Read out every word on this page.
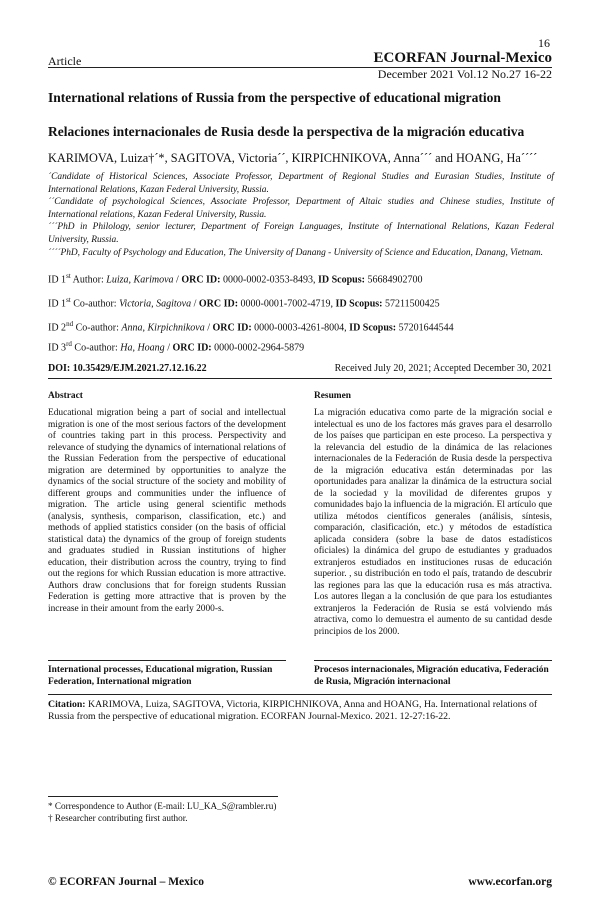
16
Article	ECORFAN Journal-Mexico
December 2021 Vol.12 No.27 16-22
International relations of Russia from the perspective of educational migration
Relaciones internacionales de Rusia desde la perspectiva de la migración educativa
KARIMOVA, Luiza†´*, SAGITOVA, Victoria´´, KIRPICHNIKOVA, Anna´´´ and HOANG, Ha´´´´

´Candidate of Historical Sciences, Associate Professor, Department of Regional Studies and Eurasian Studies, Institute of International Relations, Kazan Federal University, Russia.

´´Candidate of psychological Sciences, Associate Professor, Department of Altaic studies and Chinese studies, Institute of International relations, Kazan Federal University, Russia.

´´´PhD in Philology, senior lecturer, Department of Foreign Languages, Institute of International Relations, Kazan Federal University, Russia.

´´´´PhD, Faculty of Psychology and Education, The University of Danang - University of Science and Education, Danang, Vietnam.

ID 1st Author: Luiza, Karimova / ORC ID: 0000-0002-0353-8493, ID Scopus: 56684902700
ID 1st Co-author: Victoria, Sagitova / ORC ID: 0000-0001-7002-4719, ID Scopus: 57211500425
ID 2nd Co-author: Anna, Kirpichnikova / ORC ID: 0000-0003-4261-8004, ID Scopus: 57201644544
ID 3rd Co-author: Ha, Hoang / ORC ID: 0000-0002-2964-5879
DOI: 10.35429/EJM.2021.27.12.16.22	Received July 20, 2021; Accepted December 30, 2021
Abstract
Educational migration being a part of social and intellectual migration is one of the most serious factors of the development of countries taking part in this process. Perspectivity and relevance of studying the dynamics of international relations of the Russian Federation from the perspective of educational migration are determined by opportunities to analyze the dynamics of the social structure of the society and mobility of different groups and communities under the influence of migration. The article using general scientific methods (analysis, synthesis, comparison, classification, etc.) and methods of applied statistics consider (on the basis of official statistical data) the dynamics of the group of foreign students and graduates studied in Russian institutions of higher education, their distribution across the country, trying to find out the regions for which Russian education is more attractive. Authors draw conclusions that for foreign students Russian Federation is getting more attractive that is proven by the increase in their amount from the early 2000-s.
Resumen
La migración educativa como parte de la migración social e intelectual es uno de los factores más graves para el desarrollo de los países que participan en este proceso. La perspectiva y la relevancia del estudio de la dinámica de las relaciones internacionales de la Federación de Rusia desde la perspectiva de la migración educativa están determinadas por las oportunidades para analizar la dinámica de la estructura social de la sociedad y la movilidad de diferentes grupos y comunidades bajo la influencia de la migración. El artículo que utiliza métodos científicos generales (análisis, síntesis, comparación, clasificación, etc.) y métodos de estadística aplicada considera (sobre la base de datos estadísticos oficiales) la dinámica del grupo de estudiantes y graduados extranjeros estudiados en instituciones rusas de educación superior. , su distribución en todo el país, tratando de descubrir las regiones para las que la educación rusa es más atractiva. Los autores llegan a la conclusión de que para los estudiantes extranjeros la Federación de Rusia se está volviendo más atractiva, como lo demuestra el aumento de su cantidad desde principios de los 2000.
International processes, Educational migration, Russian Federation, International migration
Procesos internacionales, Migración educativa, Federación de Rusia, Migración internacional
Citation: KARIMOVA, Luiza, SAGITOVA, Victoria, KIRPICHNIKOVA, Anna and HOANG, Ha. International relations of Russia from the perspective of educational migration. ECORFAN Journal-Mexico. 2021. 12-27:16-22.
* Correspondence to Author (E-mail: LU_KA_S@rambler.ru)
† Researcher contributing first author.
© ECORFAN Journal – Mexico	www.ecorfan.org
